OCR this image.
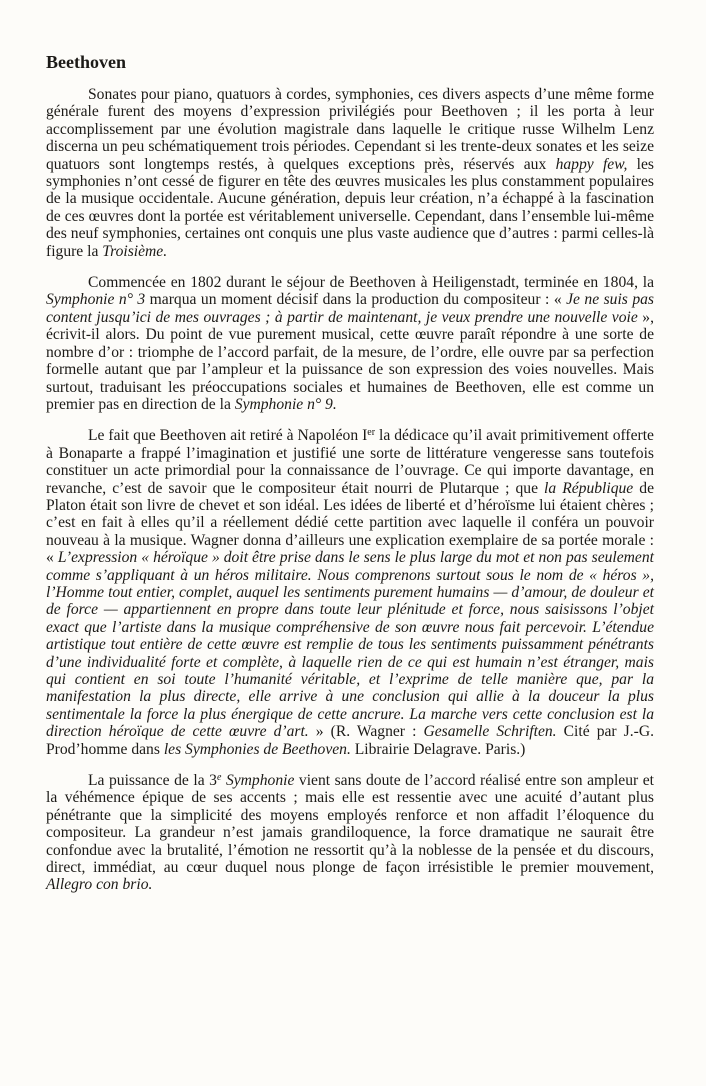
Beethoven

Sonates pour piano, quatuors à cordes, symphonies, ces divers aspects d’une même forme générale furent des moyens d’expression privilégiés pour Beethoven ; il les porta à leur accomplissement par une évolution magistrale dans laquelle le critique russe Wilhelm Lenz discerna un peu schématiquement trois périodes. Cependant si les trente-deux sonates et les seize quatuors sont longtemps restés, à quelques exceptions près, réservés aux happy few, les symphonies n’ont cessé de figurer en tête des œuvres musicales les plus constamment populaires de la musique occidentale. Aucune génération, depuis leur création, n’a échappé à la fascination de ces œuvres dont la portée est véritablement universelle. Cependant, dans l’ensemble lui-même des neuf symphonies, certaines ont conquis une plus vaste audience que d’autres : parmi celles-là figure la Troisième.

Commencée en 1802 durant le séjour de Beethoven à Heiligenstadt, terminée en 1804, la Symphonie n° 3 marqua un moment décisif dans la production du compositeur : « Je ne suis pas content jusqu’ici de mes ouvrages ; à partir de maintenant, je veux prendre une nouvelle voie », écrivit-il alors. Du point de vue purement musical, cette œuvre paraît répondre à une sorte de nombre d’or : triomphe de l’accord parfait, de la mesure, de l’ordre, elle ouvre par sa perfection formelle autant que par l’ampleur et la puissance de son expression des voies nouvelles. Mais surtout, traduisant les préoccupations sociales et humaines de Beethoven, elle est comme un premier pas en direction de la Symphonie n° 9.

Le fait que Beethoven ait retiré à Napoléon Ier la dédicace qu’il avait primitivement offerte à Bonaparte a frappé l’imagination et justifié une sorte de littérature vengeresse sans toutefois constituer un acte primordial pour la connaissance de l’ouvrage. Ce qui importe davantage, en revanche, c’est de savoir que le compositeur était nourri de Plutarque ; que la République de Platon était son livre de chevet et son idéal. Les idées de liberté et d’héroïsme lui étaient chères ; c’est en fait à elles qu’il a réellement dédié cette partition avec laquelle il conféra un pouvoir nouveau à la musique. Wagner donna d’ailleurs une explication exemplaire de sa portée morale : « L’expression « héroïque » doit être prise dans le sens le plus large du mot et non pas seulement comme s’appliquant à un héros militaire. Nous comprenons surtout sous le nom de « héros », l’Homme tout entier, complet, auquel les sentiments purement humains — d’amour, de douleur et de force — appartiennent en propre dans toute leur plénitude et force, nous saisissons l’objet exact que l’artiste dans la musique compréhensive de son œuvre nous fait percevoir. L’étendue artistique tout entière de cette œuvre est remplie de tous les sentiments puissamment pénétrants d’une individualité forte et complète, à laquelle rien de ce qui est humain n’est étranger, mais qui contient en soi toute l’humanité véritable, et l’exprime de telle manière que, par la manifestation la plus directe, elle arrive à une conclusion qui allie à la douceur la plus sentimentale la force la plus énergique de cette ancrure. La marche vers cette conclusion est la direction héroïque de cette œuvre d’art. » (R. Wagner : Gesamelle Schriften. Cité par J.-G. Prod’homme dans les Symphonies de Beethoven. Librairie Delagrave. Paris.)

La puissance de la 3e Symphonie vient sans doute de l’accord réalisé entre son ampleur et la véhémence épique de ses accents ; mais elle est ressentie avec une acuité d’autant plus pénétrante que la simplicité des moyens employés renforce et non affadit l’éloquence du compositeur. La grandeur n’est jamais grandiloquence, la force dramatique ne saurait être confondue avec la brutalité, l’émotion ne ressortit qu’à la noblesse de la pensée et du discours, direct, immédiat, au cœur duquel nous plonge de façon irrésistible le premier mouvement, Allegro con brio.
